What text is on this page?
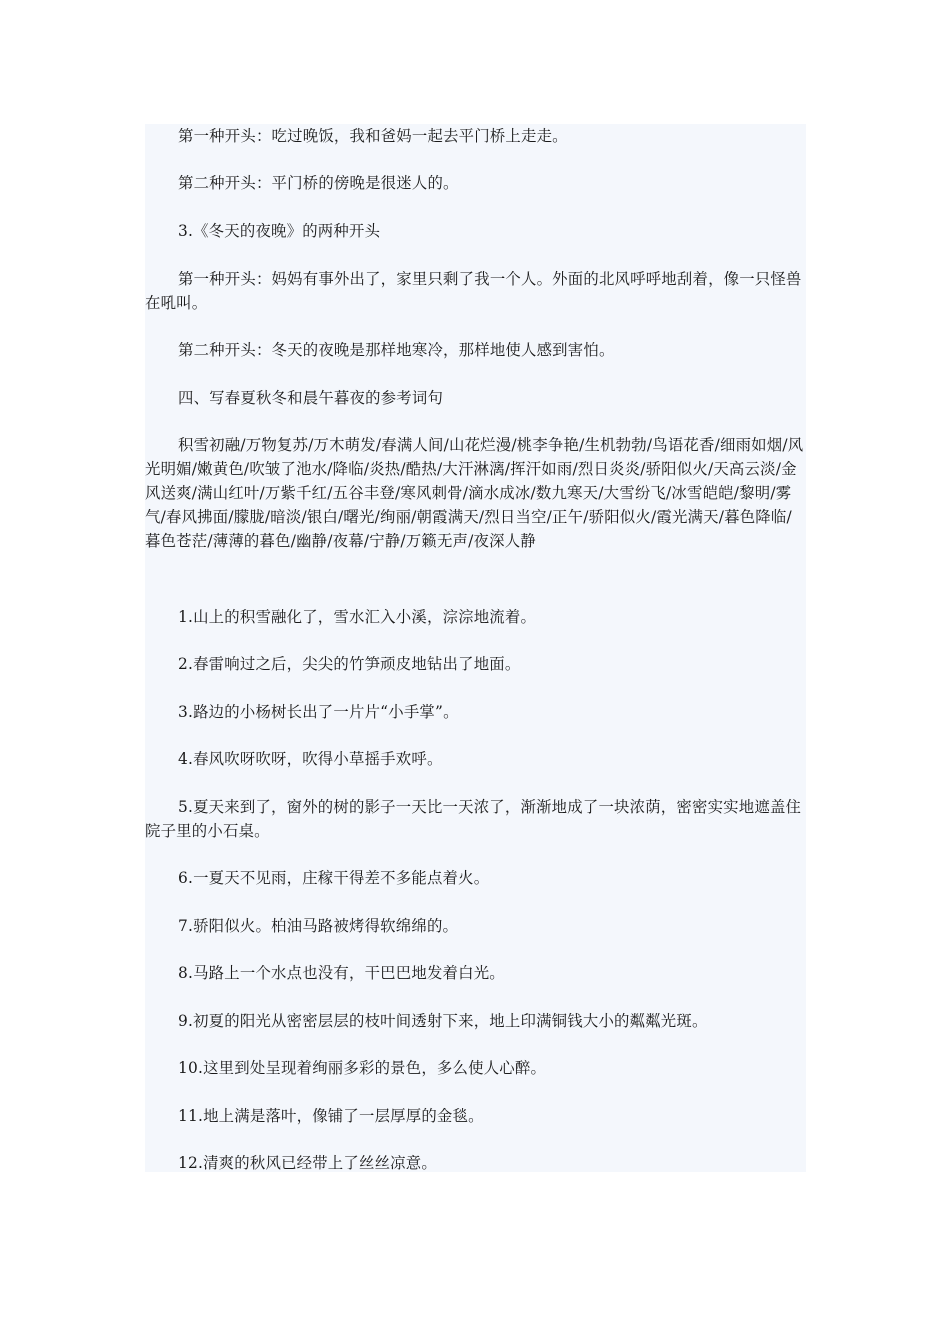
第一种开头：吃过晚饭，我和爸妈一起去平门桥上走走。

第二种开头：平门桥的傍晚是很迷人的。

3.《冬天的夜晚》的两种开头

第一种开头：妈妈有事外出了，家里只剩了我一个人。外面的北风呼呼地刮着，像一只怪兽在吼叫。

第二种开头：冬天的夜晚是那样地寒冷，那样地使人感到害怕。

四、写春夏秋冬和晨午暮夜的参考词句

积雪初融/万物复苏/万木萌发/春满人间/山花烂漫/桃李争艳/生机勃勃/鸟语花香/细雨如烟/风光明媚/嫩黄色/吹皱了池水/降临/炎热/酷热/大汗淋漓/挥汗如雨/烈日炎炎/骄阳似火/天高云淡/金风送爽/满山红叶/万紫千红/五谷丰登/寒风刺骨/滴水成冰/数九寒天/大雪纷飞/冰雪皑皑/黎明/雾气/春风拂面/朦胧/暗淡/银白/曙光/绚丽/朝霞满天/烈日当空/正午/骄阳似火/霞光满天/暮色降临/暮色苍茫/薄薄的暮色/幽静/夜幕/宁静/万籁无声/夜深人静

1.山上的积雪融化了，雪水汇入小溪，淙淙地流着。

2.春雷响过之后，尖尖的竹笋顽皮地钻出了地面。

3.路边的小杨树长出了一片片“小手掌”。

4.春风吹呀吹呀，吹得小草摇手欢呼。

5.夏天来到了，窗外的树的影子一天比一天浓了，渐渐地成了一块浓荫，密密实实地遮盖住院子里的小石桌。

6.一夏天不见雨，庄稼干得差不多能点着火。

7.骄阳似火。柏油马路被烤得软绵绵的。

8.马路上一个水点也没有，干巴巴地发着白光。

9.初夏的阳光从密密层层的枝叶间透射下来，地上印满铜钱大小的粼粼光斑。

10.这里到处呈现着绚丽多彩的景色，多么使人心醉。

11.地上满是落叶，像铺了一层厚厚的金毯。

12.清爽的秋风已经带上了丝丝凉意。
